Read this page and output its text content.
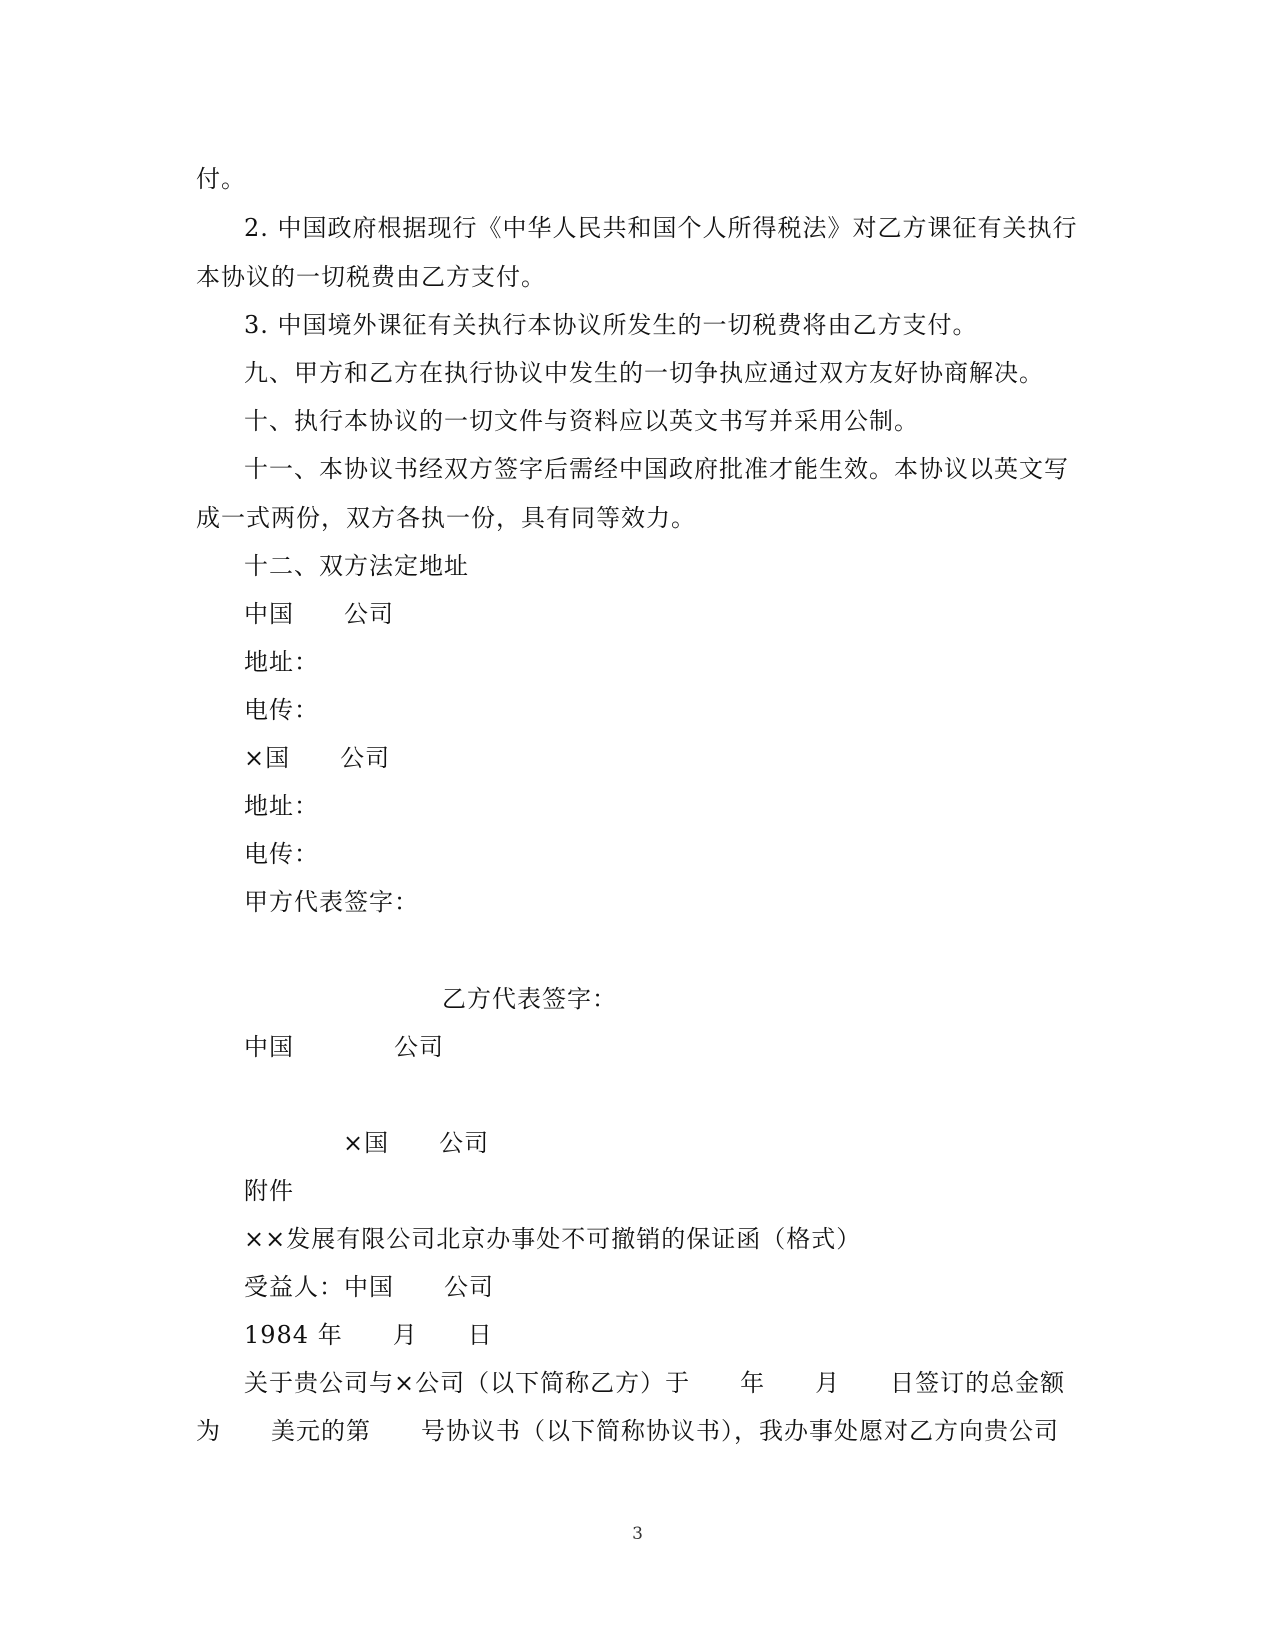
付。
2. 中国政府根据现行《中华人民共和国个人所得税法》对乙方课征有关执行
本协议的一切税费由乙方支付。
3. 中国境外课征有关执行本协议所发生的一切税费将由乙方支付。
九、甲方和乙方在执行协议中发生的一切争执应通过双方友好协商解决。
十、执行本协议的一切文件与资料应以英文书写并采用公制。
十一、本协议书经双方签字后需经中国政府批准才能生效。本协议以英文写
成一式两份，双方各执一份，具有同等效力。
十二、双方法定地址
中国　　公司
地址：
电传：
×国　　公司
地址：
电传：
甲方代表签字：
乙方代表签字：
中国　　　　公司
×国　　公司
附件
××发展有限公司北京办事处不可撤销的保证函（格式）
受益人：中国　　公司
1984 年　　月　　日
关于贵公司与×公司（以下简称乙方）于　　年　　月　　日签订的总金额
为　　美元的第　　号协议书（以下简称协议书），我办事处愿对乙方向贵公司
3
